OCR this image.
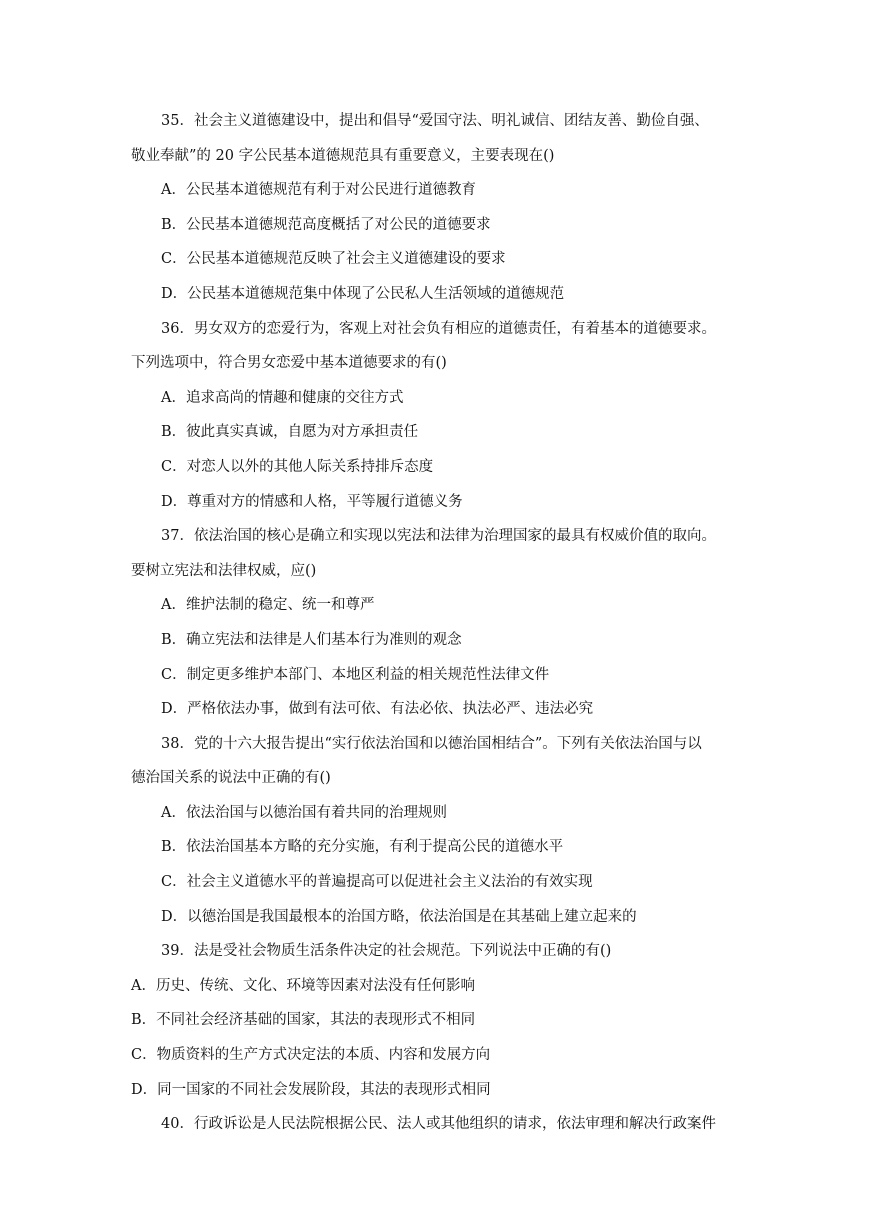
35．社会主义道德建设中，提出和倡导“爱国守法、明礼诚信、团结友善、勤俭自强、
敬业奉献”的 20 字公民基本道德规范具有重要意义，主要表现在()
A．公民基本道德规范有利于对公民进行道德教育
B．公民基本道德规范高度概括了对公民的道德要求
C．公民基本道德规范反映了社会主义道德建设的要求
D．公民基本道德规范集中体现了公民私人生活领域的道德规范
36．男女双方的恋爱行为，客观上对社会负有相应的道德责任，有着基本的道德要求。
下列选项中，符合男女恋爱中基本道德要求的有()
A．追求高尚的情趣和健康的交往方式
B．彼此真实真诚，自愿为对方承担责任
C．对恋人以外的其他人际关系持排斥态度
D．尊重对方的情感和人格，平等履行道德义务
37．依法治国的核心是确立和实现以宪法和法律为治理国家的最具有权威价值的取向。
要树立宪法和法律权威，应()
A．维护法制的稳定、统一和尊严
B．确立宪法和法律是人们基本行为准则的观念
C．制定更多维护本部门、本地区利益的相关规范性法律文件
D．严格依法办事，做到有法可依、有法必依、执法必严、违法必究
38．党的十六大报告提出“实行依法治国和以德治国相结合”。下列有关依法治国与以
德治国关系的说法中正确的有()
A．依法治国与以德治国有着共同的治理规则
B．依法治国基本方略的充分实施，有利于提高公民的道德水平
C．社会主义道德水平的普遍提高可以促进社会主义法治的有效实现
D．以德治国是我国最根本的治国方略，依法治国是在其基础上建立起来的
39．法是受社会物质生活条件决定的社会规范。下列说法中正确的有()
A．历史、传统、文化、环境等因素对法没有任何影响
B．不同社会经济基础的国家，其法的表现形式不相同
C．物质资料的生产方式决定法的本质、内容和发展方向
D．同一国家的不同社会发展阶段，其法的表现形式相同
40．行政诉讼是人民法院根据公民、法人或其他组织的请求，依法审理和解决行政案件
